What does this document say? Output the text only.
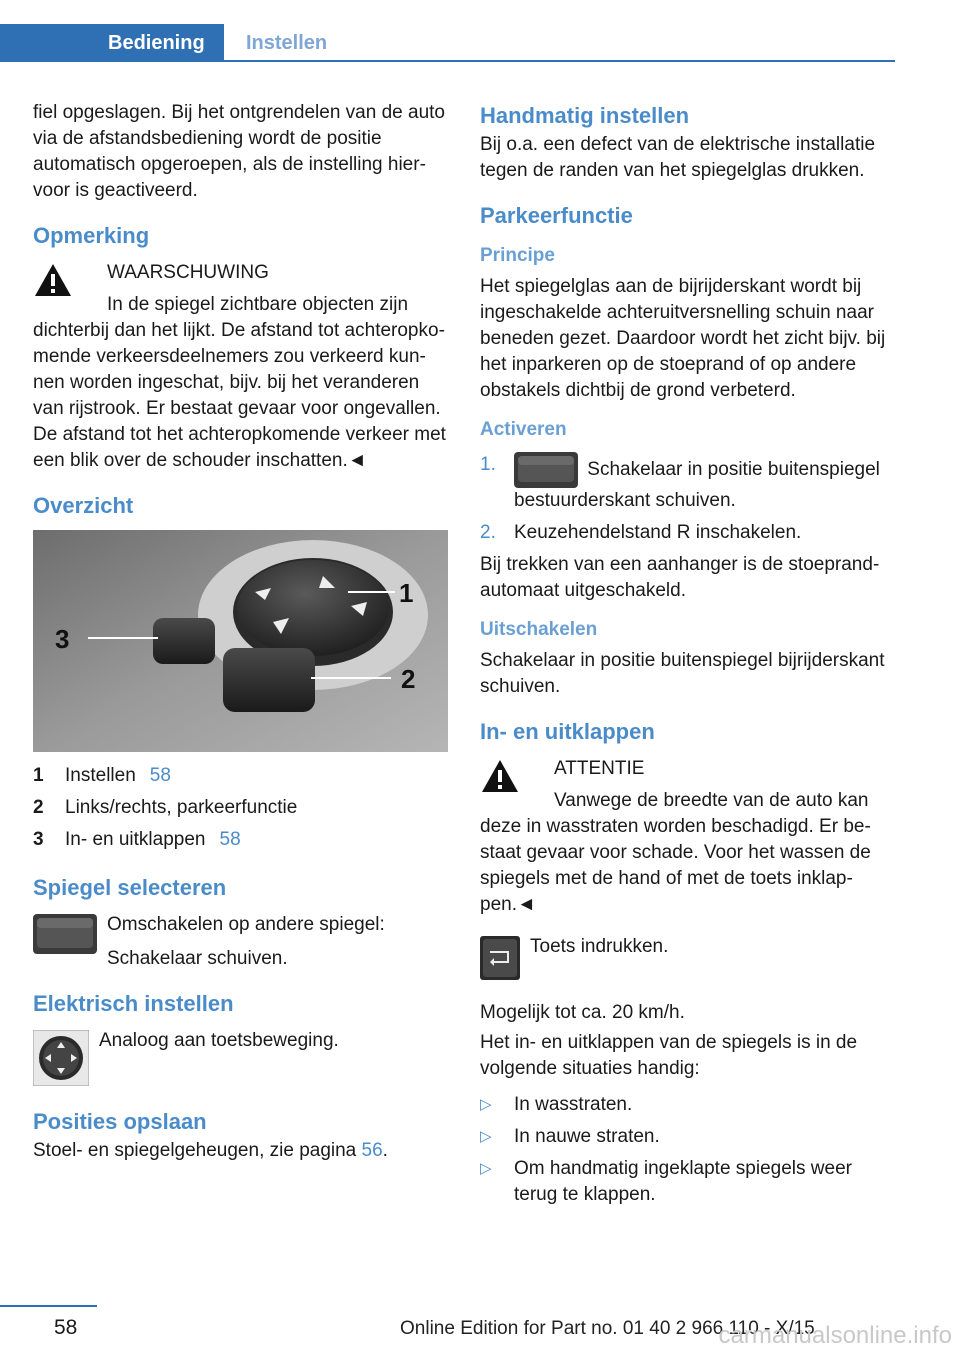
Bediening	Instellen

fiel opgeslagen. Bij het ontgrendelen van de auto via de afstandsbediening wordt de positie automatisch opgeroepen, als de instelling hiervoor is geactiveerd.

Opmerking
WAARSCHUWING
In de spiegel zichtbare objecten zijn dichterbij dan het lijkt. De afstand tot achteropkomende verkeersdeelnemers zou verkeerd kunnen worden ingeschat, bijv. bij het veranderen van rijstrook. Er bestaat gevaar voor ongevallen. De afstand tot het achteropkomende verkeer met een blik over de schouder inschatten.◄
Overzicht
1
2
3
1	Instellen 58
2	Links/rechts, parkeerfunctie
3	In- en uitklappen 58
Spiegel selecteren

Omschakelen op andere spiegel:

Schakelaar schuiven.

Elektrisch instellen

Analoog aan toetsbeweging.

Posities opslaan

Stoel- en spiegelgeheugen, zie pagina 56.

Handmatig instellen

Bij o.a. een defect van de elektrische installatie tegen de randen van het spiegelglas drukken.

Parkeerfunctie
Principe

Het spiegelglas aan de bijrijderskant wordt bij ingeschakelde achteruitversnelling schuin naar beneden gezet. Daardoor wordt het zicht bijv. bij het inparkeren op de stoeprand of op andere obstakels dichtbij de grond verbeterd.

Activeren
1.	Schakelaar in positie buitenspiegel bestuurderskant schuiven.
2. Keuzehendelstand R inschakelen.

Bij trekken van een aanhanger is de stoeprandautomaat uitgeschakeld.

Uitschakelen

Schakelaar in positie buitenspiegel bijrijderskant schuiven.

In- en uitklappen
ATTENTIE
Vanwege de breedte van de auto kan deze in wasstraten worden beschadigd. Er bestaat gevaar voor schade. Voor het wassen de spiegels met de hand of met de toets inklappen.◄

Toets indrukken.

Mogelijk tot ca. 20 km/h.

Het in- en uitklappen van de spiegels is in de volgende situaties handig:

▷	In wasstraten.
▷	In nauwe straten.
▷	Om handmatig ingeklapte spiegels weer terug te klappen.
58	Online Edition for Part no. 01 40 2 966 110 - X/15
carmanualsonline.info
